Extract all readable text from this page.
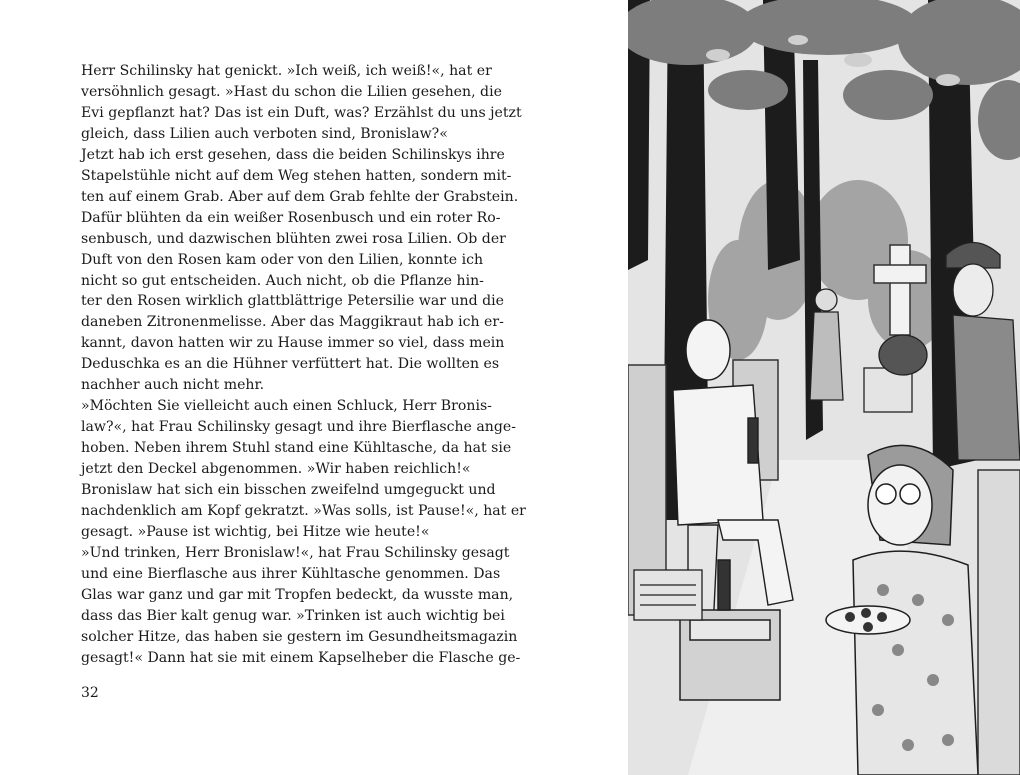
Herr Schilinsky hat genickt. »Ich weiß, ich weiß!«, hat er
versöhnlich gesagt. »Hast du schon die Lilien gesehen, die
Evi gepflanzt hat? Das ist ein Duft, was? Erzählst du uns jetzt
gleich, dass Lilien auch verboten sind, Bronislaw?«
Jetzt hab ich erst gesehen, dass die beiden Schilinskys ihre
Stapelstühle nicht auf dem Weg stehen hatten, sondern mit-
ten auf einem Grab. Aber auf dem Grab fehlte der Grabstein.
Dafür blühten da ein weißer Rosenbusch und ein roter Ro-
senbusch, und dazwischen blühten zwei rosa Lilien. Ob der
Duft von den Rosen kam oder von den Lilien, konnte ich
nicht so gut entscheiden. Auch nicht, ob die Pflanze hin-
ter den Rosen wirklich glattblättrige Petersilie war und die
daneben Zitronenmelisse. Aber das Maggikraut hab ich er-
kannt, davon hatten wir zu Hause immer so viel, dass mein
Deduschka es an die Hühner verfüttert hat. Die wollten es
nachher auch nicht mehr.
»Möchten Sie vielleicht auch einen Schluck, Herr Bronis-
law?«, hat Frau Schilinsky gesagt und ihre Bierflasche ange-
hoben. Neben ihrem Stuhl stand eine Kühltasche, da hat sie
jetzt den Deckel abgenommen. »Wir haben reichlich!«
Bronislaw hat sich ein bisschen zweifelnd umgeguckt und
nachdenklich am Kopf gekratzt. »Was solls, ist Pause!«, hat er
gesagt. »Pause ist wichtig, bei Hitze wie heute!«
»Und trinken, Herr Bronislaw!«, hat Frau Schilinsky gesagt
und eine Bierflasche aus ihrer Kühltasche genommen. Das
Glas war ganz und gar mit Tropfen bedeckt, da wusste man,
dass das Bier kalt genug war. »Trinken ist auch wichtig bei
solcher Hitze, das haben sie gestern im Gesundheitsmagazin
gesagt!« Dann hat sie mit einem Kapselheber die Flasche ge-
32
